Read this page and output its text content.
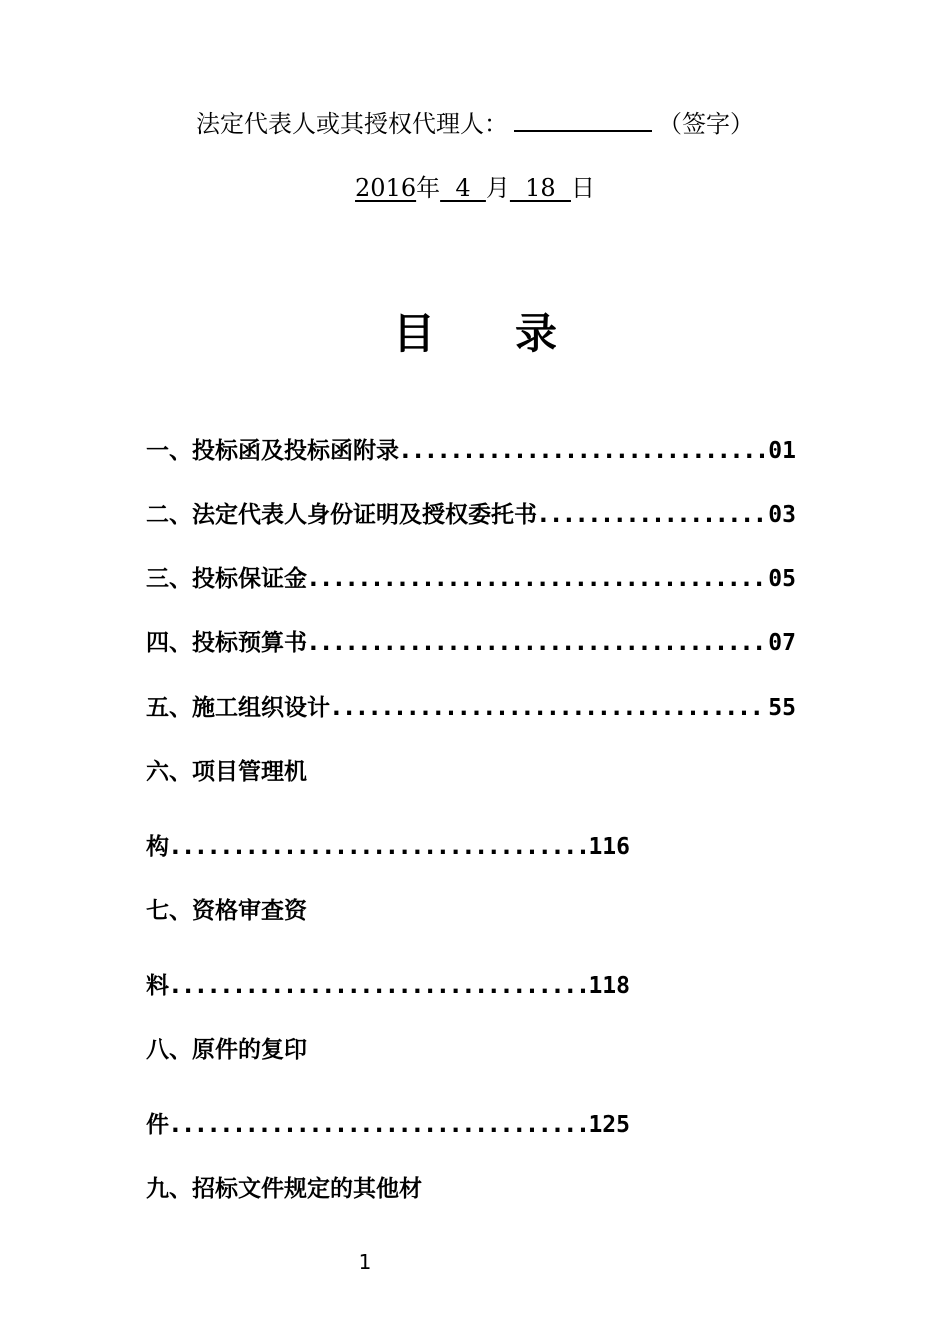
法定代表人或其授权代理人：	（签字）
2016年  4  月  18  日
目 录
一、投标函及投标函附录 .....	01
二、法定代表人身份证明及授权委托书 .....	03
三、投标保证金 .....	05
四、投标预算书 .....	07
五、施工组织设计 .....	55
六、项目管理机
构 .....	116
七、资格审查资
料 .....	118
八、原件的复印
件 .....	125
九、招标文件规定的其他材
1
